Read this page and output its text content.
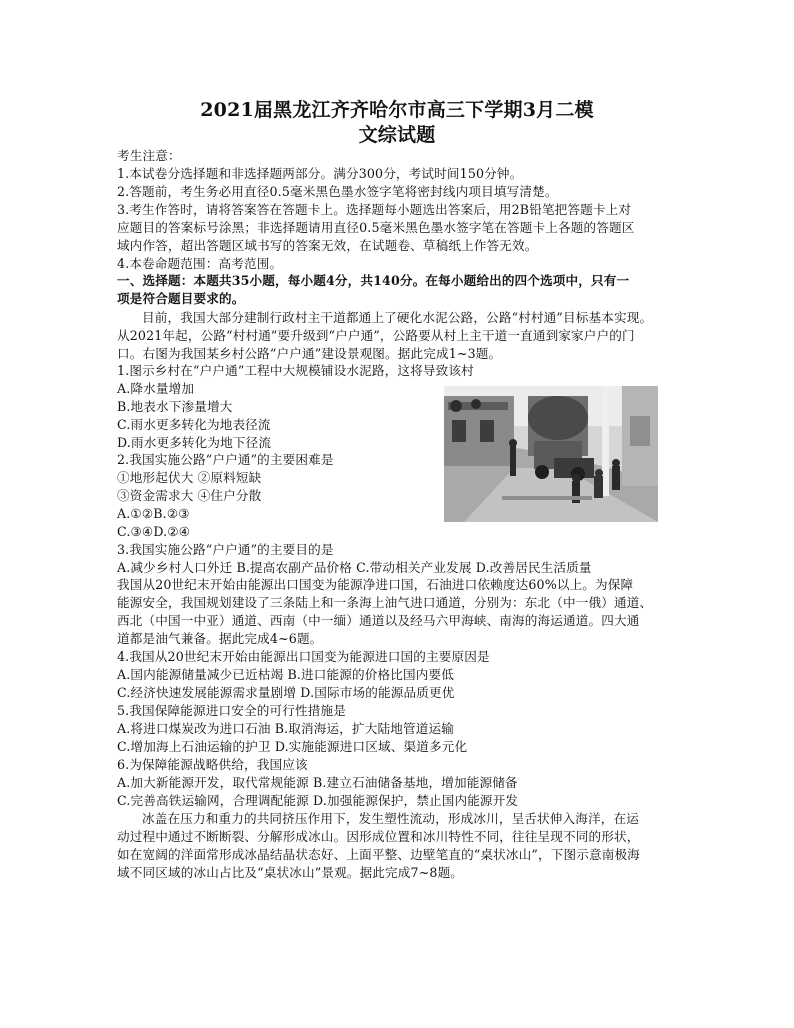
2021届黑龙江齐齐哈尔市高三下学期3月二模
文综试题
考生注意：
1.本试卷分选择题和非选择题两部分。满分300分，考试时间150分钟。
2.答题前，考生务必用直径0.5毫米黑色墨水签字笔将密封线内项目填写清楚。
3.考生作答时，请将答案答在答题卡上。选择题每小题选出答案后，用2B铅笔把答题卡上对
应题目的答案标号涂黑；非选择题请用直径0.5毫米黑色墨水签字笔在答题卡上各题的答题区
域内作答，超出答题区域书写的答案无效，在试题卷、草稿纸上作答无效。
4.本卷命题范围：高考范围。
一、选择题：本题共35小题，每小题4分，共140分。在每小题给出的四个选项中，只有一
项是符合题目要求的。
目前，我国大部分建制行政村主干道都通上了硬化水泥公路，公路“村村通”目标基本实现。
从2021年起，公路“村村通”要升级到“户户通”，公路要从村上主干道一直通到家家户户的门
口。右图为我国某乡村公路“户户通”建设景观图。据此完成1~3题。
1.图示乡村在“户户通”工程中大规模铺设水泥路，这将导致该村
A.降水量增加
B.地表水下渗量增大
C.雨水更多转化为地表径流
D.雨水更多转化为地下径流
2.我国实施公路“户户通”的主要困难是
①地形起伏大 ②原料短缺
③资金需求大 ④住户分散
A.①②B.②③
C.③④D.②④
3.我国实施公路“户户通”的主要目的是
A.减少乡村人口外迁 B.提高农副产品价格 C.带动相关产业发展 D.改善居民生活质量
我国从20世纪末开始由能源出口国变为能源净进口国，石油进口依赖度达60%以上。为保障
能源安全，我国规划建设了三条陆上和一条海上油气进口通道，分别为：东北（中一俄）通道、
西北（中国一中亚）通道、西南（中一缅）通道以及经马六甲海峡、南海的海运通道。四大通
道都是油气兼备。据此完成4~6题。
4.我国从20世纪末开始由能源出口国变为能源进口国的主要原因是
A.国内能源储量减少已近枯竭 B.进口能源的价格比国内要低
C.经济快速发展能源需求量剧增 D.国际市场的能源品质更优
5.我国保障能源进口安全的可行性措施是
A.将进口煤炭改为进口石油 B.取消海运，扩大陆地管道运输
C.增加海上石油运输的护卫 D.实施能源进口区域、渠道多元化
6.为保障能源战略供给，我国应该
A.加大新能源开发，取代常规能源 B.建立石油储备基地，增加能源储备
C.完善高铁运输网，合理调配能源 D.加强能源保护，禁止国内能源开发
冰盖在压力和重力的共同挤压作用下，发生塑性流动，形成冰川，呈舌状伸入海洋，在运
动过程中通过不断断裂、分解形成冰山。因形成位置和冰川特性不同，往往呈现不同的形状，
如在宽阔的洋面常形成冰晶结晶状态好、上面平整、边壁笔直的“桌状冰山”，下图示意南极海
域不同区域的冰山占比及“桌状冰山”景观。据此完成7~8题。
